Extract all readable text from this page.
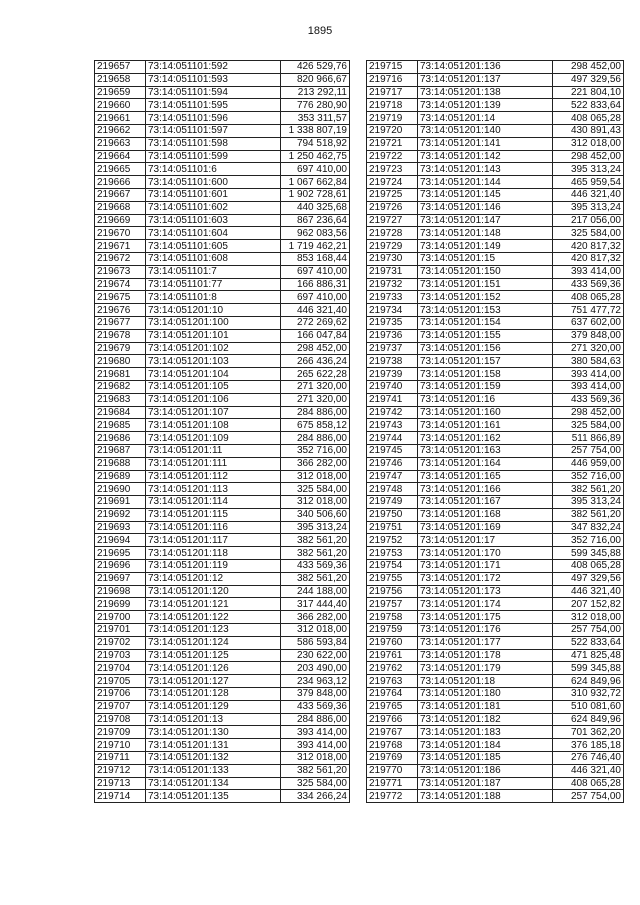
1895
219657	73:14:051101:592	426 529,76
219658	73:14:051101:593	820 966,67
219659	73:14:051101:594	213 292,11
219660	73:14:051101:595	776 280,90
219661	73:14:051101:596	353 311,57
219662	73:14:051101:597	1 338 807,19
219663	73:14:051101:598	794 518,92
219664	73:14:051101:599	1 250 462,75
219665	73:14:051101:6	697 410,00
219666	73:14:051101:600	1 067 662,84
219667	73:14:051101:601	1 902 728,61
219668	73:14:051101:602	440 325,68
219669	73:14:051101:603	867 236,64
219670	73:14:051101:604	962 083,56
219671	73:14:051101:605	1 719 462,21
219672	73:14:051101:608	853 168,44
219673	73:14:051101:7	697 410,00
219674	73:14:051101:77	166 886,31
219675	73:14:051101:8	697 410,00
219676	73:14:051201:10	446 321,40
219677	73:14:051201:100	272 269,62
219678	73:14:051201:101	166 047,84
219679	73:14:051201:102	298 452,00
219680	73:14:051201:103	266 436,24
219681	73:14:051201:104	265 622,28
219682	73:14:051201:105	271 320,00
219683	73:14:051201:106	271 320,00
219684	73:14:051201:107	284 886,00
219685	73:14:051201:108	675 858,12
219686	73:14:051201:109	284 886,00
219687	73:14:051201:11	352 716,00
219688	73:14:051201:111	366 282,00
219689	73:14:051201:112	312 018,00
219690	73:14:051201:113	325 584,00
219691	73:14:051201:114	312 018,00
219692	73:14:051201:115	340 506,60
219693	73:14:051201:116	395 313,24
219694	73:14:051201:117	382 561,20
219695	73:14:051201:118	382 561,20
219696	73:14:051201:119	433 569,36
219697	73:14:051201:12	382 561,20
219698	73:14:051201:120	244 188,00
219699	73:14:051201:121	317 444,40
219700	73:14:051201:122	366 282,00
219701	73:14:051201:123	312 018,00
219702	73:14:051201:124	586 593,84
219703	73:14:051201:125	230 622,00
219704	73:14:051201:126	203 490,00
219705	73:14:051201:127	234 963,12
219706	73:14:051201:128	379 848,00
219707	73:14:051201:129	433 569,36
219708	73:14:051201:13	284 886,00
219709	73:14:051201:130	393 414,00
219710	73:14:051201:131	393 414,00
219711	73:14:051201:132	312 018,00
219712	73:14:051201:133	382 561,20
219713	73:14:051201:134	325 584,00
219714	73:14:051201:135	334 266,24
219715	73:14:051201:136	298 452,00
219716	73:14:051201:137	497 329,56
219717	73:14:051201:138	221 804,10
219718	73:14:051201:139	522 833,64
219719	73:14:051201:14	408 065,28
219720	73:14:051201:140	430 891,43
219721	73:14:051201:141	312 018,00
219722	73:14:051201:142	298 452,00
219723	73:14:051201:143	395 313,24
219724	73:14:051201:144	465 959,54
219725	73:14:051201:145	446 321,40
219726	73:14:051201:146	395 313,24
219727	73:14:051201:147	217 056,00
219728	73:14:051201:148	325 584,00
219729	73:14:051201:149	420 817,32
219730	73:14:051201:15	420 817,32
219731	73:14:051201:150	393 414,00
219732	73:14:051201:151	433 569,36
219733	73:14:051201:152	408 065,28
219734	73:14:051201:153	751 477,72
219735	73:14:051201:154	637 602,00
219736	73:14:051201:155	379 848,00
219737	73:14:051201:156	271 320,00
219738	73:14:051201:157	380 584,63
219739	73:14:051201:158	393 414,00
219740	73:14:051201:159	393 414,00
219741	73:14:051201:16	433 569,36
219742	73:14:051201:160	298 452,00
219743	73:14:051201:161	325 584,00
219744	73:14:051201:162	511 866,89
219745	73:14:051201:163	257 754,00
219746	73:14:051201:164	446 959,00
219747	73:14:051201:165	352 716,00
219748	73:14:051201:166	382 561,20
219749	73:14:051201:167	395 313,24
219750	73:14:051201:168	382 561,20
219751	73:14:051201:169	347 832,24
219752	73:14:051201:17	352 716,00
219753	73:14:051201:170	599 345,88
219754	73:14:051201:171	408 065,28
219755	73:14:051201:172	497 329,56
219756	73:14:051201:173	446 321,40
219757	73:14:051201:174	207 152,82
219758	73:14:051201:175	312 018,00
219759	73:14:051201:176	257 754,00
219760	73:14:051201:177	522 833,64
219761	73:14:051201:178	471 825,48
219762	73:14:051201:179	599 345,88
219763	73:14:051201:18	624 849,96
219764	73:14:051201:180	310 932,72
219765	73:14:051201:181	510 081,60
219766	73:14:051201:182	624 849,96
219767	73:14:051201:183	701 362,20
219768	73:14:051201:184	376 185,18
219769	73:14:051201:185	276 746,40
219770	73:14:051201:186	446 321,40
219771	73:14:051201:187	408 065,28
219772	73:14:051201:188	257 754,00
